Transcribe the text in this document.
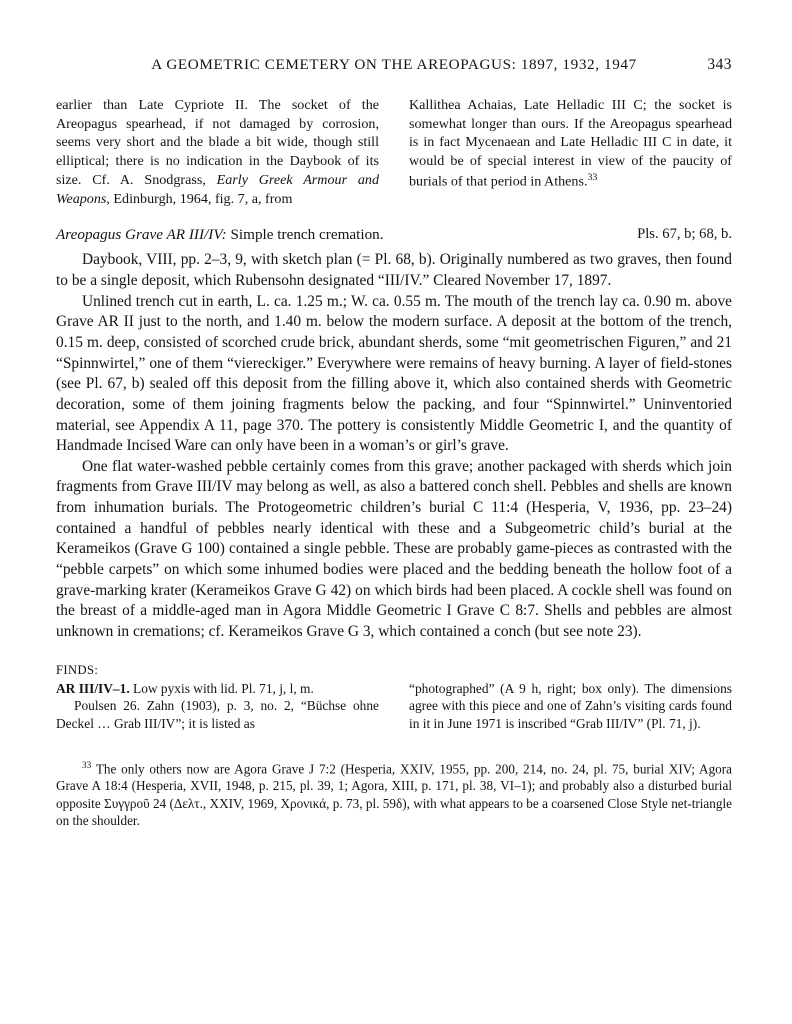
A GEOMETRIC CEMETERY ON THE AREOPAGUS: 1897, 1932, 1947	343
earlier than Late Cypriote II. The socket of the Areopagus spearhead, if not damaged by corrosion, seems very short and the blade a bit wide, though still elliptical; there is no indication in the Daybook of its size. Cf. A. Snodgrass, Early Greek Armour and Weapons, Edinburgh, 1964, fig. 7, a, from
Kallithea Achaias, Late Helladic III C; the socket is somewhat longer than ours. If the Areopagus spearhead is in fact Mycenaean and Late Helladic III C in date, it would be of special interest in view of the paucity of burials of that period in Athens.$^{33}$
Areopagus Grave AR III/IV: Simple trench cremation.	Pls. 67, b; 68, b.

Daybook, VIII, pp. 2–3, 9, with sketch plan (= Pl. 68, b). Originally numbered as two graves, then found to be a single deposit, which Rubensohn designated “III/IV.” Cleared November 17, 1897.

Unlined trench cut in earth, L. ca. 1.25 m.; W. ca. 0.55 m. The mouth of the trench lay ca. 0.90 m. above Grave AR II just to the north, and 1.40 m. below the modern surface. A deposit at the bottom of the trench, 0.15 m. deep, consisted of scorched crude brick, abundant sherds, some “mit geometrischen Figuren,” and 21 “Spinnwirtel,” one of them “viereckiger.” Everywhere were remains of heavy burning. A layer of field-stones (see Pl. 67, b) sealed off this deposit from the filling above it, which also contained sherds with Geometric decoration, some of them joining fragments below the packing, and four “Spinnwirtel.” Uninventoried material, see Appendix A 11, page 370. The pottery is consistently Middle Geometric I, and the quantity of Handmade Incised Ware can only have been in a woman’s or girl’s grave.

One flat water-washed pebble certainly comes from this grave; another packaged with sherds which join fragments from Grave III/IV may belong as well, as also a battered conch shell. Pebbles and shells are known from inhumation burials. The Protogeometric children’s burial C 11:4 (Hesperia, V, 1936, pp. 23–24) contained a handful of pebbles nearly identical with these and a Subgeometric child’s burial at the Kerameikos (Grave G 100) contained a single pebble. These are probably game-pieces as contrasted with the “pebble carpets” on which some inhumed bodies were placed and the bedding beneath the hollow foot of a grave-marking krater (Kerameikos Grave G 42) on which birds had been placed. A cockle shell was found on the breast of a middle-aged man in Agora Middle Geometric I Grave C 8:7. Shells and pebbles are almost unknown in cremations; cf. Kerameikos Grave G 3, which contained a conch (but see note 23).

FINDS:

AR III/IV–1. Low pyxis with lid. Pl. 71, j, l, m.

Poulsen 26. Zahn (1903), p. 3, no. 2, “Büchse ohne Deckel … Grab III/IV”; it is listed as

“photographed” (A 9 h, right; box only). The dimensions agree with this piece and one of Zahn’s visiting cards found in it in June 1971 is inscribed “Grab III/IV” (Pl. 71, j).

$^{33}$ The only others now are Agora Grave J 7:2 (Hesperia, XXIV, 1955, pp. 200, 214, no. 24, pl. 75, burial XIV; Agora Grave A 18:4 (Hesperia, XVII, 1948, p. 215, pl. 39, 1; Agora, XIII, p. 171, pl. 38, VI–1); and probably also a disturbed burial opposite Συγγροῦ 24 (Δελτ., XXIV, 1969, Χρονικά, p. 73, pl. 59δ), with what appears to be a coarsened Close Style net-triangle on the shoulder.
